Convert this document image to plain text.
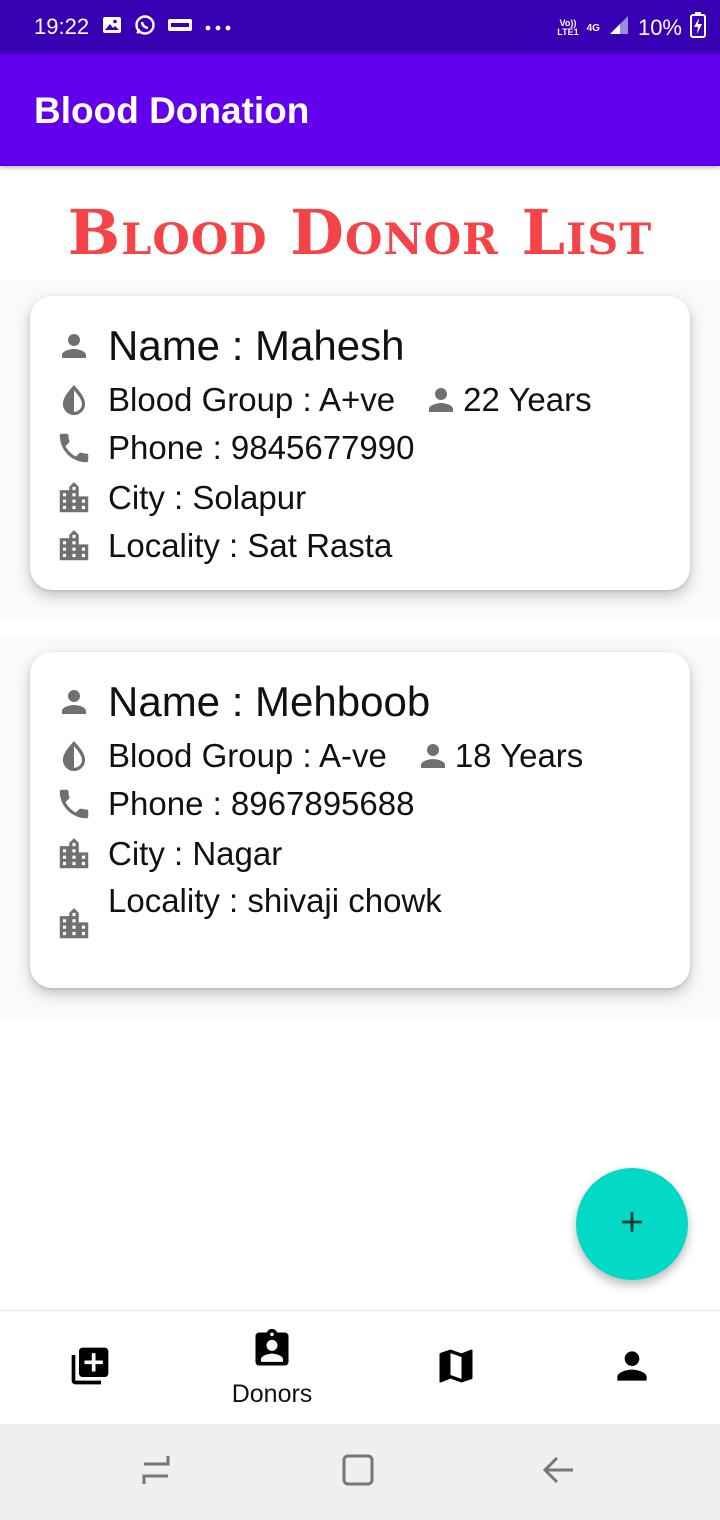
19:22	Vo))
LTE1 4G 10%
Blood Donation
Blood Donor List
Name : Mahesh
Blood Group : A+ve 22 Years
Phone : 9845677990
City : Solapur
Locality : Sat Rasta
Name : Mehboob
Blood Group : A-ve 18 Years
Phone : 8967895688
City : Nagar
Locality : shivaji chowk
Donors
